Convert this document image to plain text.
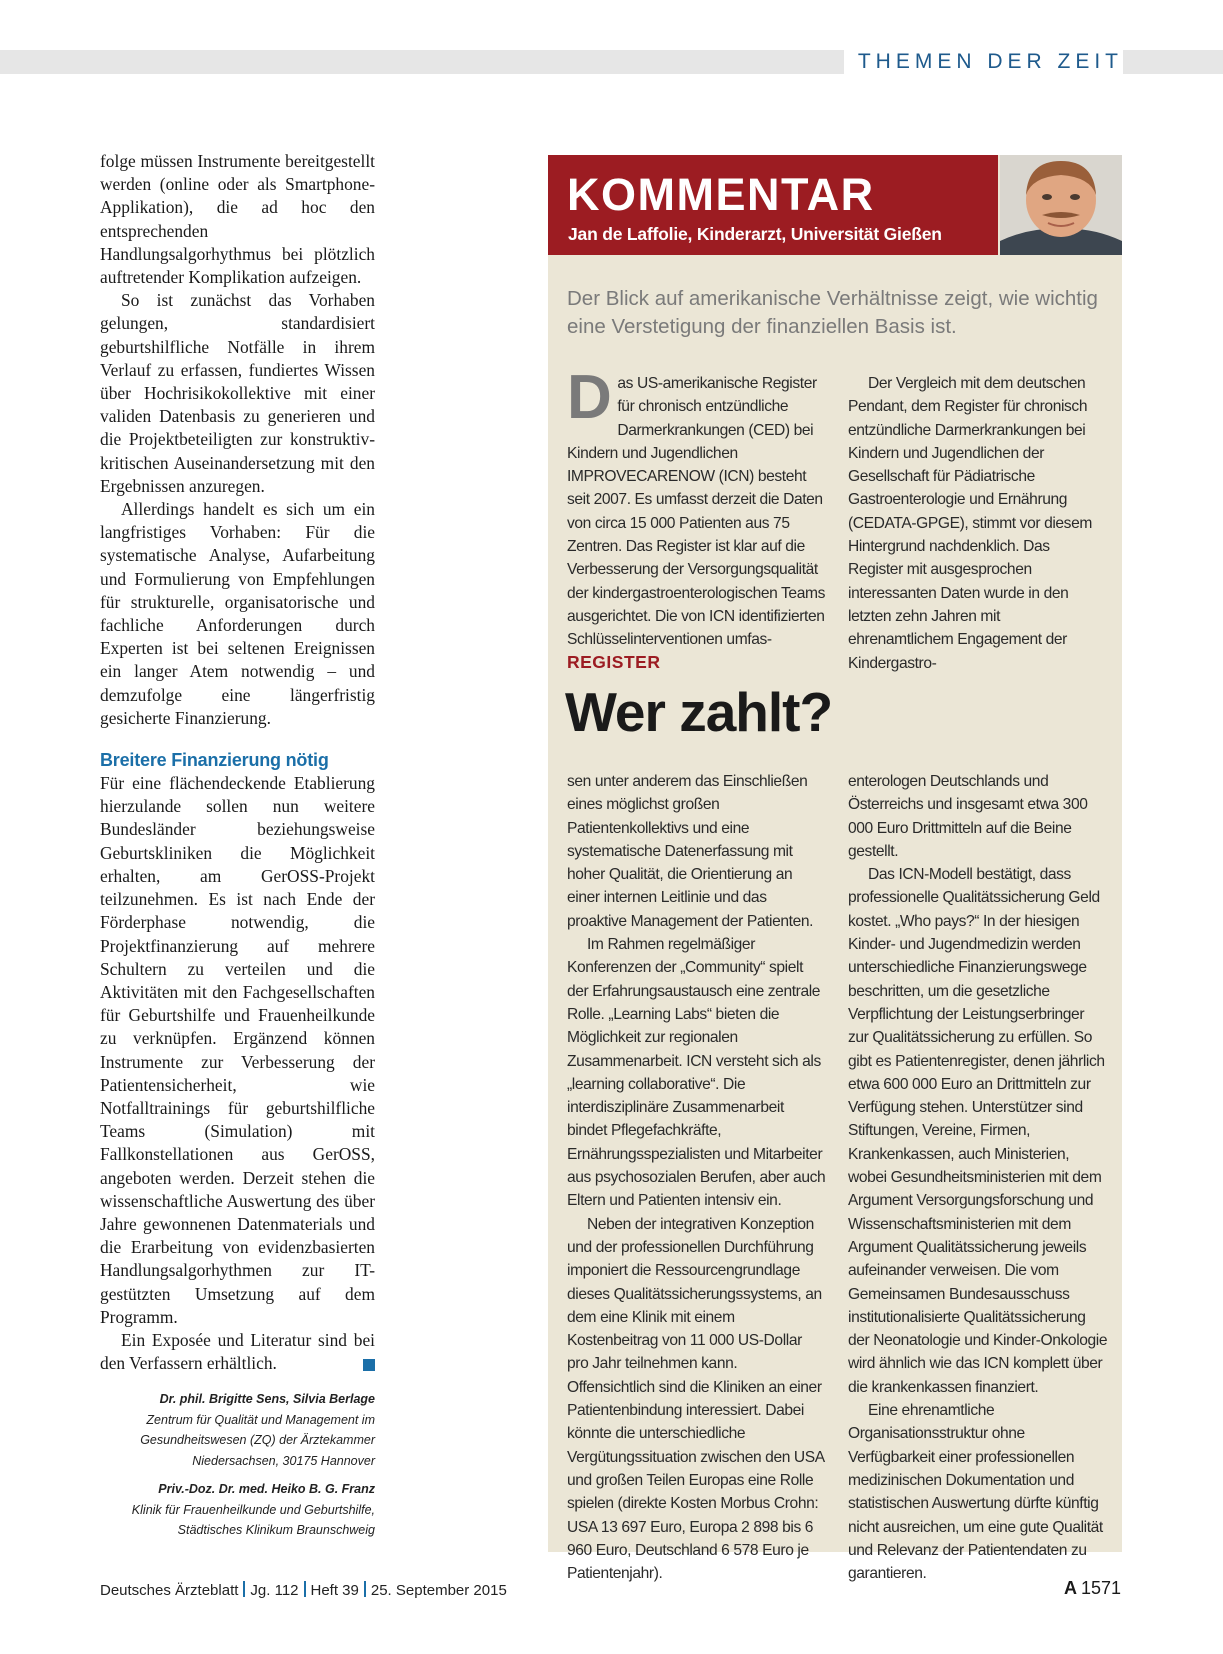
THEMEN DER ZEIT

folge müssen Instrumente bereitgestellt werden (online oder als Smartphone-Applikation), die ad hoc den entsprechenden Handlungsalgorhythmus bei plötzlich auftretender Komplikation aufzeigen.

So ist zunächst das Vorhaben gelungen, standardisiert geburtshilfliche Notfälle in ihrem Verlauf zu erfassen, fundiertes Wissen über Hochrisikokollektive mit einer validen Datenbasis zu generieren und die Projektbeteiligten zur konstruktiv-kritischen Auseinandersetzung mit den Ergebnissen anzuregen.

Allerdings handelt es sich um ein langfristiges Vorhaben: Für die systematische Analyse, Aufarbeitung und Formulierung von Empfehlungen für strukturelle, organisatorische und fachliche Anforderungen durch Experten ist bei seltenen Ereignissen ein langer Atem notwendig – und demzufolge eine längerfristig gesicherte Finanzierung.

Breitere Finanzierung nötig

Für eine flächendeckende Etablierung hierzulande sollen nun weitere Bundesländer beziehungsweise Geburtskliniken die Möglichkeit erhalten, am GerOSS-Projekt teilzunehmen. Es ist nach Ende der Förderphase notwendig, die Projektfinanzierung auf mehrere Schultern zu verteilen und die Aktivitäten mit den Fachgesellschaften für Geburtshilfe und Frauenheilkunde zu verknüpfen. Ergänzend können Instrumente zur Verbesserung der Patientensicherheit, wie Notfalltrainings für geburtshilfliche Teams (Simulation) mit Fallkonstellationen aus GerOSS, angeboten werden. Derzeit stehen die wissenschaftliche Auswertung des über Jahre gewonnenen Datenmaterials und die Erarbeitung von evidenzbasierten Handlungsalgorhythmen zur IT-gestützten Umsetzung auf dem Programm.

Ein Exposée und Literatur sind bei den Verfassern erhältlich.

Dr. phil. Brigitte Sens, Silvia Berlage
Zentrum für Qualität und Management im
Gesundheitswesen (ZQ) der Ärztekammer
Niedersachsen, 30175 Hannover
Priv.-Doz. Dr. med. Heiko B. G. Franz
Klinik für Frauenheilkunde und Geburtshilfe,
Städtisches Klinikum Braunschweig
KOMMENTAR
Jan de Laffolie, Kinderarzt, Universität Gießen
Der Blick auf amerikanische Verhältnisse zeigt, wie wichtig eine Verstetigung der finanziellen Basis ist.

Das US-amerikanische Register für chronisch entzündliche Darmerkrankungen (CED) bei Kindern und Jugendlichen IMPROVECARENOW (ICN) besteht seit 2007. Es umfasst derzeit die Daten von circa 15 000 Patienten aus 75 Zentren. Das Register ist klar auf die Verbesserung der Versorgungsqualität der kindergastroenterologischen Teams ausgerichtet. Die von ICN identifizierten Schlüsselinterventionen umfas-

Der Vergleich mit dem deutschen Pendant, dem Register für chronisch entzündliche Darmerkrankungen bei Kindern und Jugendlichen der Gesellschaft für Pädiatrische Gastroenterologie und Ernährung (CEDATA-GPGE), stimmt vor diesem Hintergrund nachdenklich. Das Register mit ausgesprochen interessanten Daten wurde in den letzten zehn Jahren mit ehrenamtlichem Engagement der Kindergastro-

REGISTER
Wer zahlt?

sen unter anderem das Einschließen eines möglichst großen Patientenkollektivs und eine systematische Datenerfassung mit hoher Qualität, die Orientierung an einer internen Leitlinie und das proaktive Management der Patienten.

Im Rahmen regelmäßiger Konferenzen der „Community“ spielt der Erfahrungsaustausch eine zentrale Rolle. „Learning Labs“ bieten die Möglichkeit zur regionalen Zusammenarbeit. ICN versteht sich als „learning collaborative“. Die interdisziplinäre Zusammenarbeit bindet Pflegefachkräfte, Ernährungsspezialisten und Mitarbeiter aus psychosozialen Berufen, aber auch Eltern und Patienten intensiv ein.

Neben der integrativen Konzeption und der professionellen Durchführung imponiert die Ressourcengrundlage dieses Qualitätssicherungssystems, an dem eine Klinik mit einem Kostenbeitrag von 11 000 US-Dollar pro Jahr teilnehmen kann. Offensichtlich sind die Kliniken an einer Patientenbindung interessiert. Dabei könnte die unterschiedliche Vergütungssituation zwischen den USA und großen Teilen Europas eine Rolle spielen (direkte Kosten Morbus Crohn: USA 13 697 Euro, Europa 2 898 bis 6 960 Euro, Deutschland 6 578 Euro je Patientenjahr).

enterologen Deutschlands und Österreichs und insgesamt etwa 300 000 Euro Drittmitteln auf die Beine gestellt.

Das ICN-Modell bestätigt, dass professionelle Qualitätssicherung Geld kostet. „Who pays?“ In der hiesigen Kinder- und Jugendmedizin werden unterschiedliche Finanzierungswege beschritten, um die gesetzliche Verpflichtung der Leistungserbringer zur Qualitätssicherung zu erfüllen. So gibt es Patientenregister, denen jährlich etwa 600 000 Euro an Drittmitteln zur Verfügung stehen. Unterstützer sind Stiftungen, Vereine, Firmen, Krankenkassen, auch Ministerien, wobei Gesundheitsministerien mit dem Argument Versorgungsforschung und Wissenschaftsministerien mit dem Argument Qualitätssicherung jeweils aufeinander verweisen. Die vom Gemeinsamen Bundesausschuss institutionalisierte Qualitätssicherung der Neonatologie und Kinder-Onkologie wird ähnlich wie das ICN komplett über die krankenkassen finanziert.

Eine ehrenamtliche Organisationsstruktur ohne Verfügbarkeit einer professionellen medizinischen Dokumentation und statistischen Auswertung dürfte künftig nicht ausreichen, um eine gute Qualität und Relevanz der Patientendaten zu garantieren.

Deutsches Ärzteblatt Jg. 112 Heft 39 25. September 2015	A 1571
